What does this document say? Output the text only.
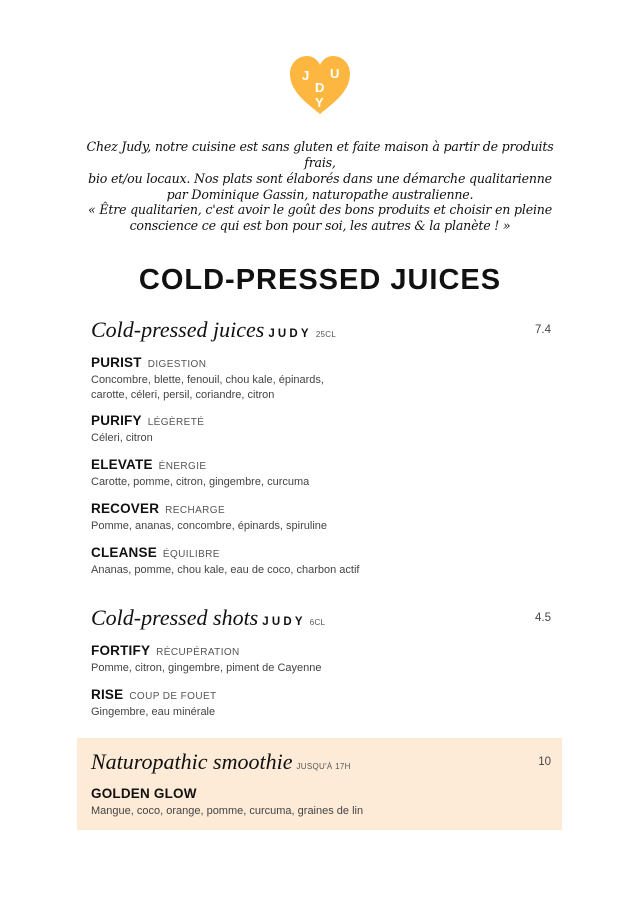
J U
D
Y
Chez Judy, notre cuisine est sans gluten et faite maison à partir de produits frais,
bio et/ou locaux. Nos plats sont élaborés dans une démarche qualitarienne
par Dominique Gassin, naturopathe australienne.
« Être qualitarien, c'est avoir le goût des bons produits et choisir en pleine
conscience ce qui est bon pour soi, les autres & la planète ! »
COLD-PRESSED JUICES
Cold-pressed juices JUDY 25CL	7.4
PURIST DIGESTION
Concombre, blette, fenouil, chou kale, épinards,
carotte, céleri, persil, coriandre, citron
PURIFY LÉGÈRETÉ
Céleri, citron
ELEVATE ÉNERGIE
Carotte, pomme, citron, gingembre, curcuma
RECOVER RECHARGE
Pomme, ananas, concombre, épinards, spiruline
CLEANSE ÉQUILIBRE
Ananas, pomme, chou kale, eau de coco, charbon actif
Cold-pressed shots JUDY 6CL	4.5
FORTIFY RÉCUPÉRATION
Pomme, citron, gingembre, piment de Cayenne
RISE COUP DE FOUET
Gingembre, eau minérale
Naturopathic smoothie JUSQU'À 17H	10
GOLDEN GLOW
Mangue, coco, orange, pomme, curcuma, graines de lin
